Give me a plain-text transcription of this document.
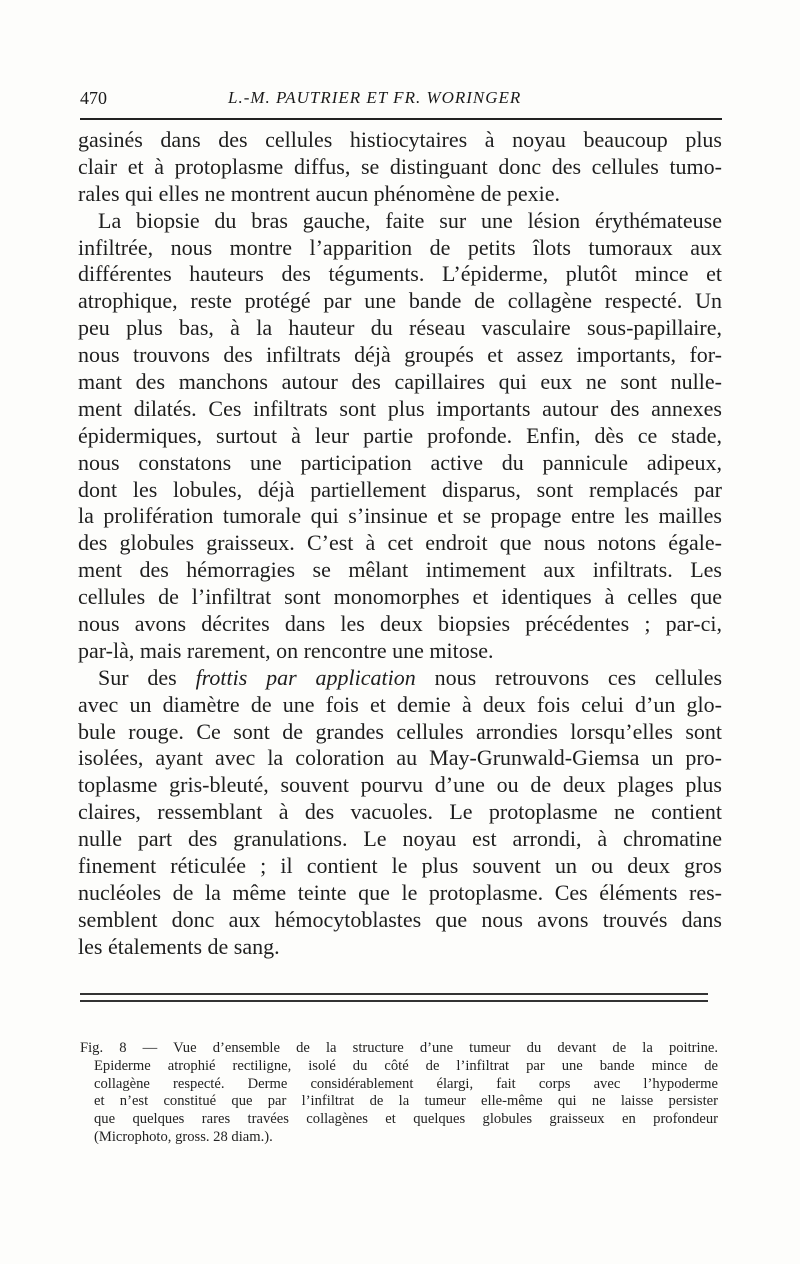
470	L.-M. PAUTRIER ET FR. WORINGER
gasinés dans des cellules histiocytaires à noyau beaucoup plus
clair et à protoplasme diffus, se distinguant donc des cellules tumo-
rales qui elles ne montrent aucun phénomène de pexie.
La biopsie du bras gauche, faite sur une lésion érythémateuse
infiltrée, nous montre l’apparition de petits îlots tumoraux aux
différentes hauteurs des téguments. L’épiderme, plutôt mince et
atrophique, reste protégé par une bande de collagène respecté. Un
peu plus bas, à la hauteur du réseau vasculaire sous-papillaire,
nous trouvons des infiltrats déjà groupés et assez importants, for-
mant des manchons autour des capillaires qui eux ne sont nulle-
ment dilatés. Ces infiltrats sont plus importants autour des annexes
épidermiques, surtout à leur partie profonde. Enfin, dès ce stade,
nous constatons une participation active du pannicule adipeux,
dont les lobules, déjà partiellement disparus, sont remplacés par
la prolifération tumorale qui s’insinue et se propage entre les mailles
des globules graisseux. C’est à cet endroit que nous notons égale-
ment des hémorragies se mêlant intimement aux infiltrats. Les
cellules de l’infiltrat sont monomorphes et identiques à celles que
nous avons décrites dans les deux biopsies précédentes ; par-ci,
par-là, mais rarement, on rencontre une mitose.
Sur des frottis par application nous retrouvons ces cellules
avec un diamètre de une fois et demie à deux fois celui d’un glo-
bule rouge. Ce sont de grandes cellules arrondies lorsqu’elles sont
isolées, ayant avec la coloration au May-Grunwald-Giemsa un pro-
toplasme gris-bleuté, souvent pourvu d’une ou de deux plages plus
claires, ressemblant à des vacuoles. Le protoplasme ne contient
nulle part des granulations. Le noyau est arrondi, à chromatine
finement réticulée ; il contient le plus souvent un ou deux gros
nucléoles de la même teinte que le protoplasme. Ces éléments res-
semblent donc aux hémocytoblastes que nous avons trouvés dans
les étalements de sang.
Fig. 8 — Vue d’ensemble de la structure d’une tumeur du devant de la poitrine.
Epiderme atrophié rectiligne, isolé du côté de l’infiltrat par une bande mince de
collagène respecté. Derme considérablement élargi, fait corps avec l’hypoderme
et n’est constitué que par l’infiltrat de la tumeur elle-même qui ne laisse persister
que quelques rares travées collagènes et quelques globules graisseux en profondeur
(Microphoto, gross. 28 diam.).
